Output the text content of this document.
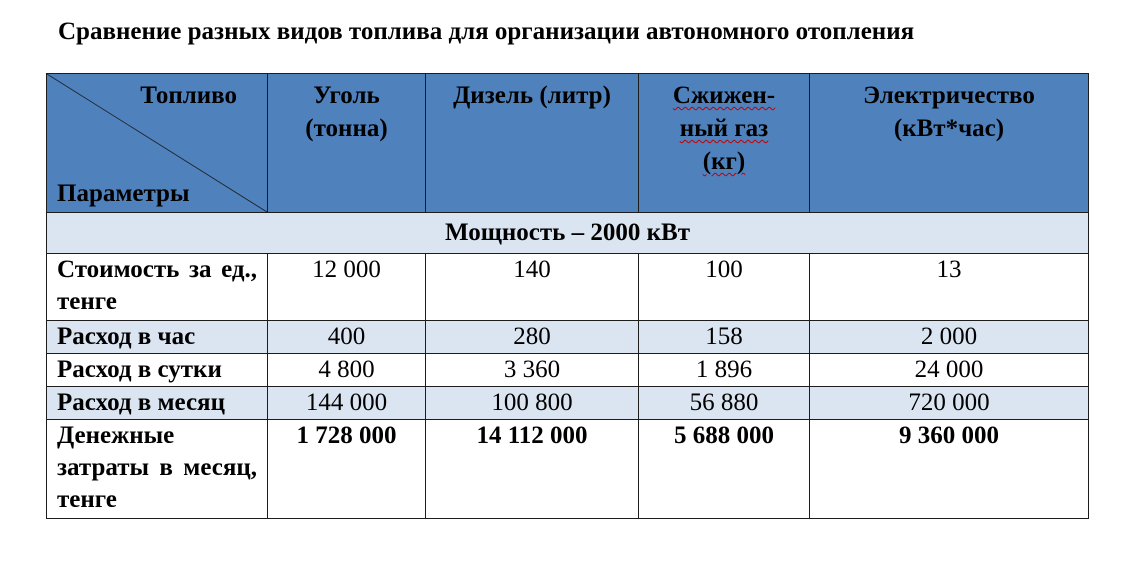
Сравнение разных видов топлива для организации автономного отопления
Топливо
Параметры	Уголь (тонна)	Дизель (литр)	Сжижен-ный газ (кг)	Электричество (кВт*час)

Мощность – 2000 кВт				
Стоимость за ед., тенге	12 000	140	100	13
Расход в час	400	280	158	2 000
Расход в сутки	4 800	3 360	1 896	24 000
Расход в месяц	144 000	100 800	56 880	720 000
Денежные затраты в месяц, тенге	1 728 000	14 112 000	5 688 000	9 360 000
